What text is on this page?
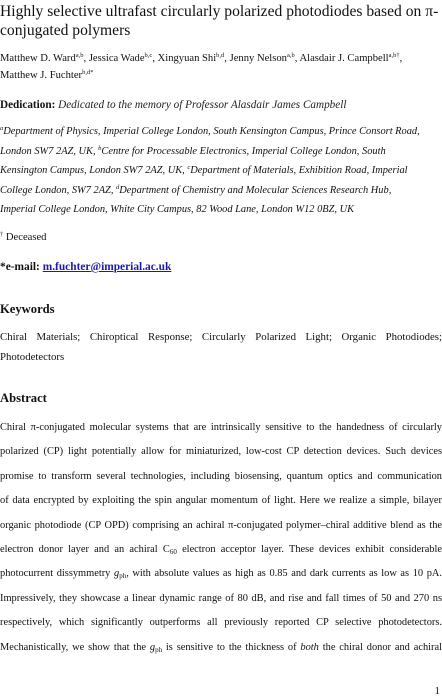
Highly selective ultrafast circularly polarized photodiodes based on π-
conjugated polymers
Matthew D. Ward$^{a,b}$, Jessica Wade$^{b,c}$, Xingyuan Shi$^{b,d}$, Jenny Nelson$^{a,b}$, Alasdair J. Campbell$^{a,b\dagger}$,
Matthew J. Fuchter$^{b,d*}$
Dedication: Dedicated to the memory of Professor Alasdair James Campbell
$^a$Department of Physics, Imperial College London, South Kensington Campus, Prince Consort Road,
London SW7 2AZ, UK, $^b$Centre for Processable Electronics, Imperial College London, South
Kensington Campus, London SW7 2AZ, UK, $^c$Department of Materials, Exhibition Road, Imperial
College London, SW7 2AZ, $^d$Department of Chemistry and Molecular Sciences Research Hub,
Imperial College London, White City Campus, 82 Wood Lane, London W12 0BZ, UK
† Deceased
*e-mail: m.fuchter@imperial.ac.uk
Keywords
Chiral Materials; Chiroptical Response; Circularly Polarized Light; Organic Photodiodes; Photodetectors
Abstract
Chiral π-conjugated molecular systems that are intrinsically sensitive to the handedness of circularly
polarized (CP) light potentially allow for miniaturized, low-cost CP detection devices. Such devices
promise to transform several technologies, including biosensing, quantum optics and communication
of data encrypted by exploiting the spin angular momentum of light. Here we realize a simple, bilayer
organic photodiode (CP OPD) comprising an achiral π-conjugated polymer–chiral additive blend as the
electron donor layer and an achiral $C_{60}$ electron acceptor layer. These devices exhibit considerable
photocurrent dissymmetry $g_{ph}$, with absolute values as high as 0.85 and dark currents as low as 10 pA.
Impressively, they showcase a linear dynamic range of 80 dB, and rise and fall times of 50 and 270 ns
respectively, which significantly outperforms all previously reported CP selective photodetectors.
Mechanistically, we show that the $g_{ph}$ is sensitive to the thickness of both the chiral donor and achiral
1
